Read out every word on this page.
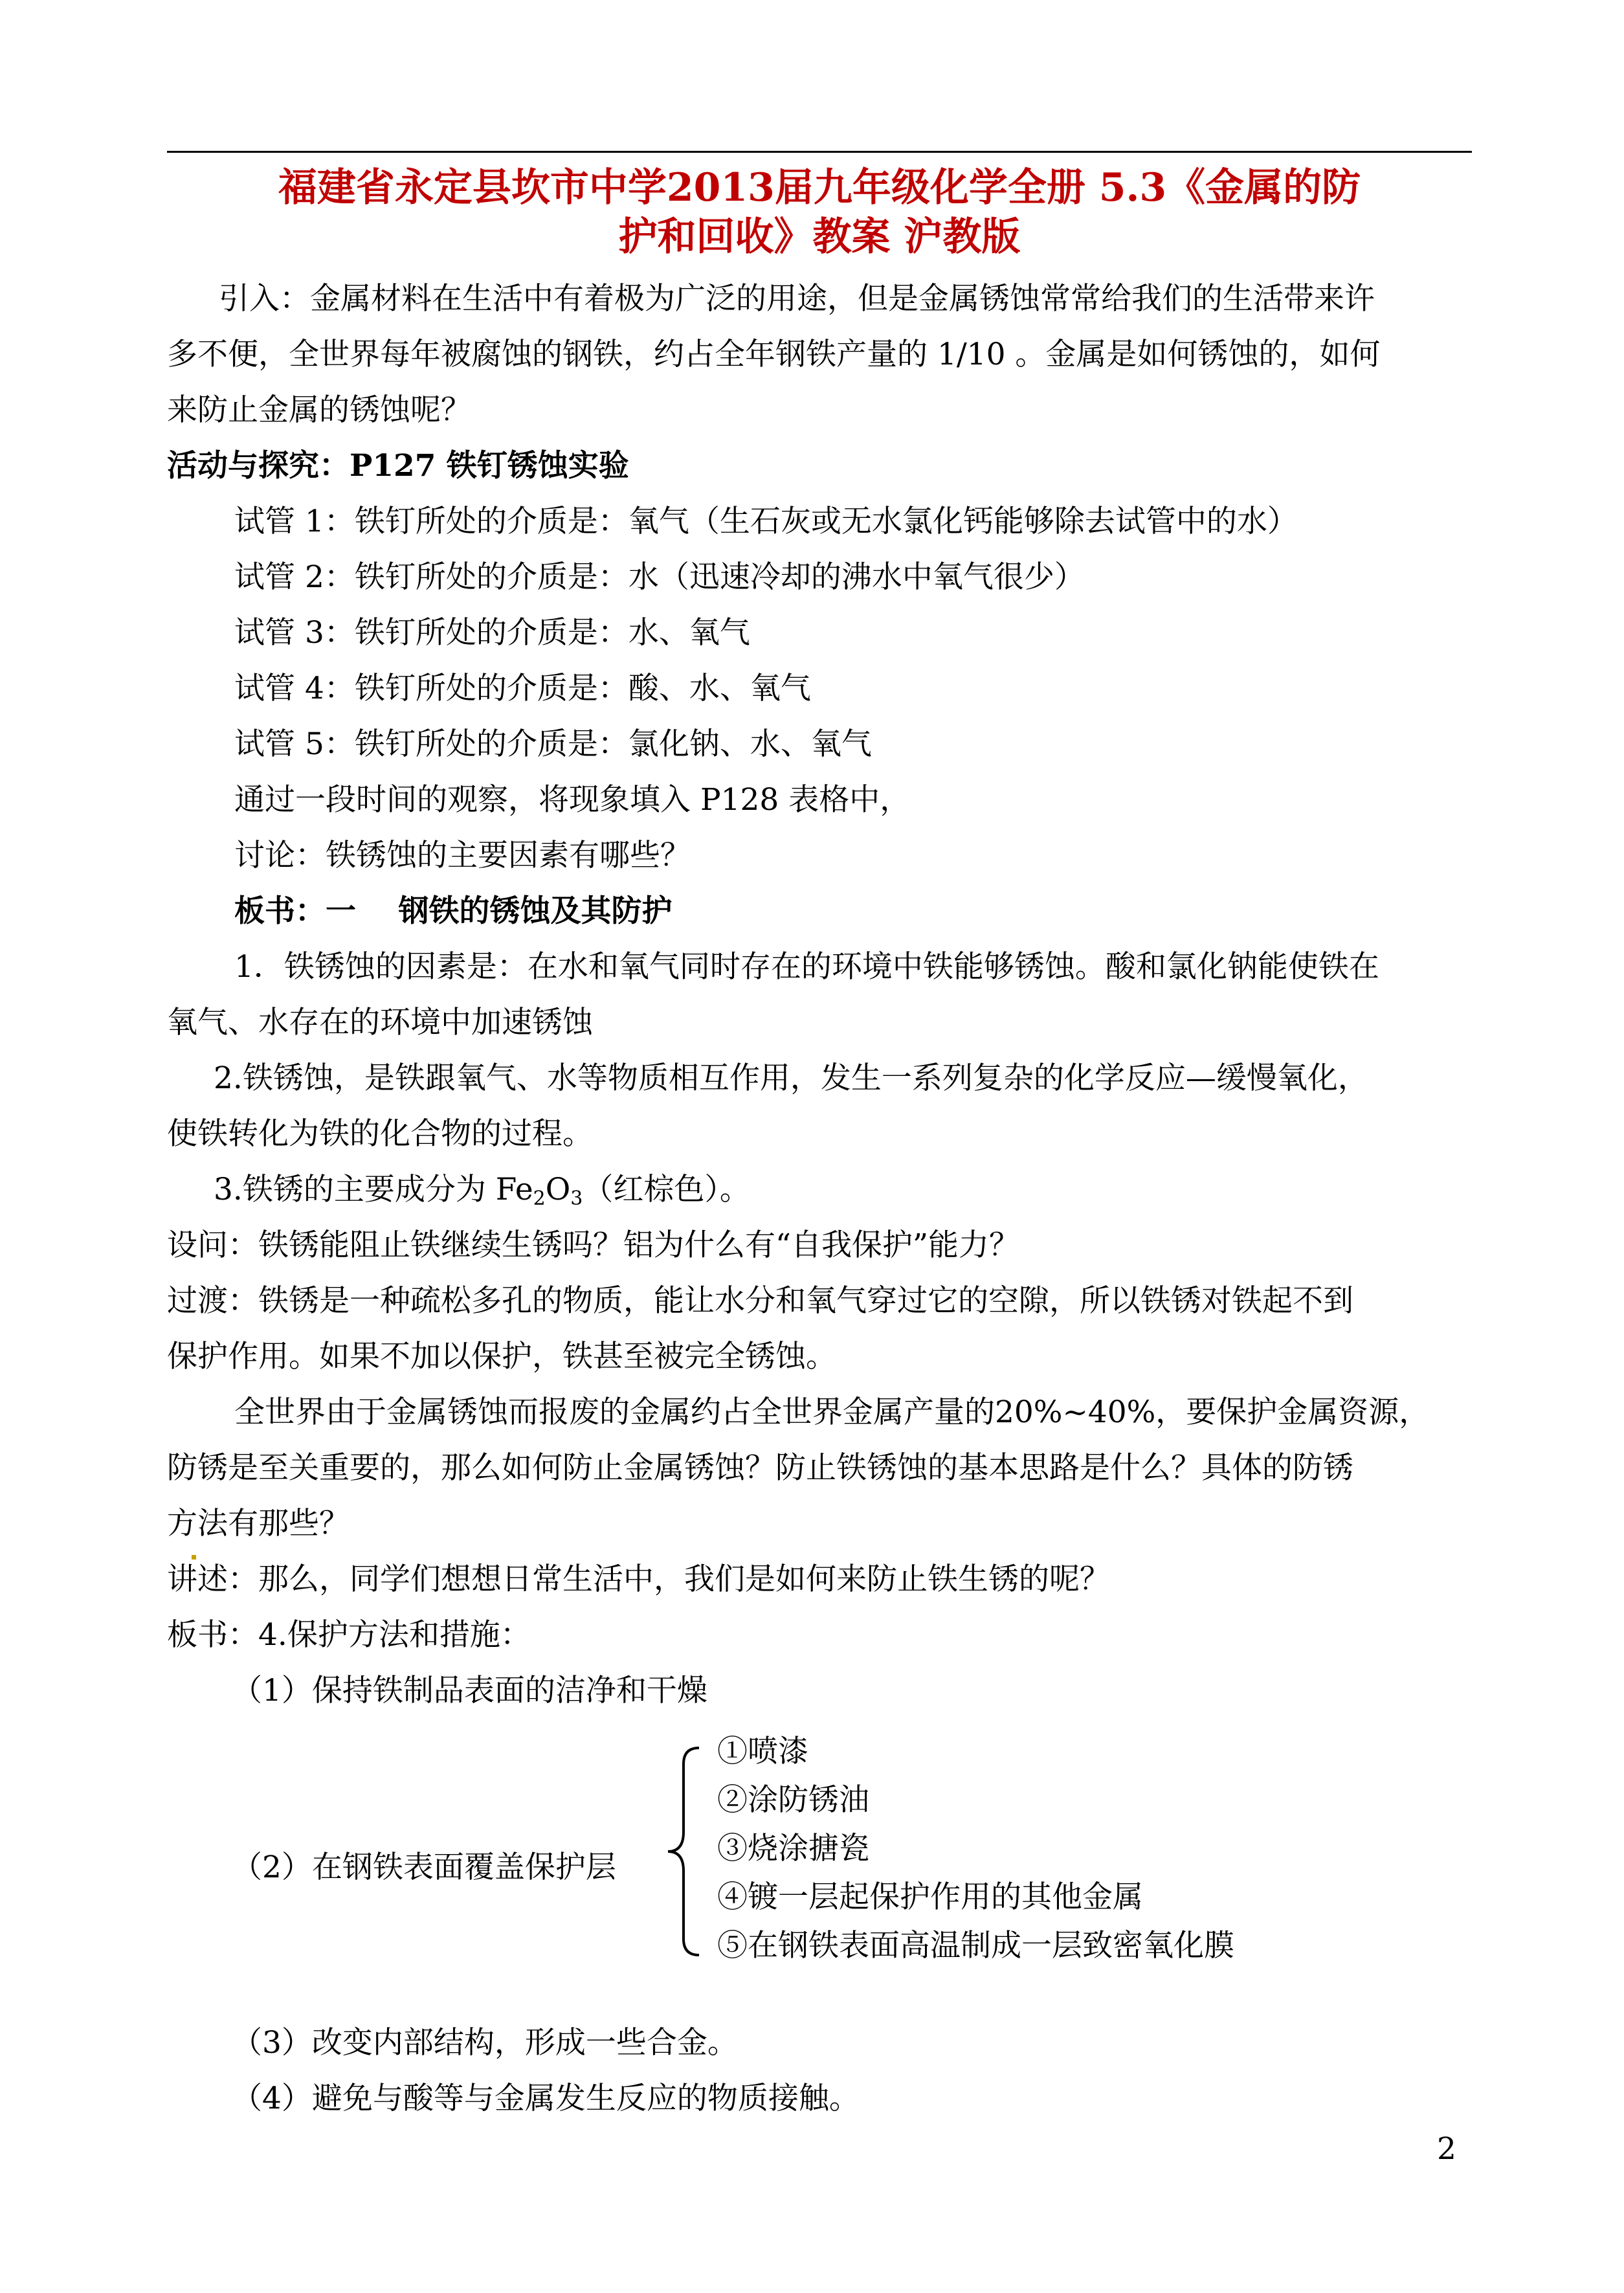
福建省永定县坎市中学2013届九年级化学全册 5.3《金属的防
护和回收》教案 沪教版
引入：金属材料在生活中有着极为广泛的用途，但是金属锈蚀常常给我们的生活带来许
多不便，全世界每年被腐蚀的钢铁，约占全年钢铁产量的 1/10 。金属是如何锈蚀的，如何
来防止金属的锈蚀呢？
活动与探究：P127 铁钉锈蚀实验
试管 1：铁钉所处的介质是：氧气（生石灰或无水氯化钙能够除去试管中的水）
试管 2：铁钉所处的介质是：水（迅速冷却的沸水中氧气很少）
试管 3：铁钉所处的介质是：水、氧气
试管 4：铁钉所处的介质是：酸、水、氧气
试管 5：铁钉所处的介质是：氯化钠、水、氧气
通过一段时间的观察，将现象填入 P128 表格中，
讨论：铁锈蚀的主要因素有哪些？
板书：一    钢铁的锈蚀及其防护
1．铁锈蚀的因素是：在水和氧气同时存在的环境中铁能够锈蚀。酸和氯化钠能使铁在
氧气、水存在的环境中加速锈蚀
2.铁锈蚀，是铁跟氧气、水等物质相互作用，发生一系列复杂的化学反应—缓慢氧化，
使铁转化为铁的化合物的过程。
3.铁锈的主要成分为 $Fe_2O_3$（红棕色）。
设问：铁锈能阻止铁继续生锈吗？铝为什么有“自我保护”能力？
过渡：铁锈是一种疏松多孔的物质，能让水分和氧气穿过它的空隙，所以铁锈对铁起不到
保护作用。如果不加以保护，铁甚至被完全锈蚀。
全世界由于金属锈蚀而报废的金属约占全世界金属产量的20%~40%，要保护金属资源，
防锈是至关重要的，那么如何防止金属锈蚀？防止铁锈蚀的基本思路是什么？具体的防锈
方法有那些？
讲述：那么，同学们想想日常生活中，我们是如何来防止铁生锈的呢？
板书：4.保护方法和措施：
（1）保持铁制品表面的洁净和干燥
（2）在钢铁表面覆盖保护层
①喷漆
②涂防锈油
③烧涂搪瓷
④镀一层起保护作用的其他金属
⑤在钢铁表面高温制成一层致密氧化膜
（3）改变内部结构，形成一些合金。
（4）避免与酸等与金属发生反应的物质接触。
2
